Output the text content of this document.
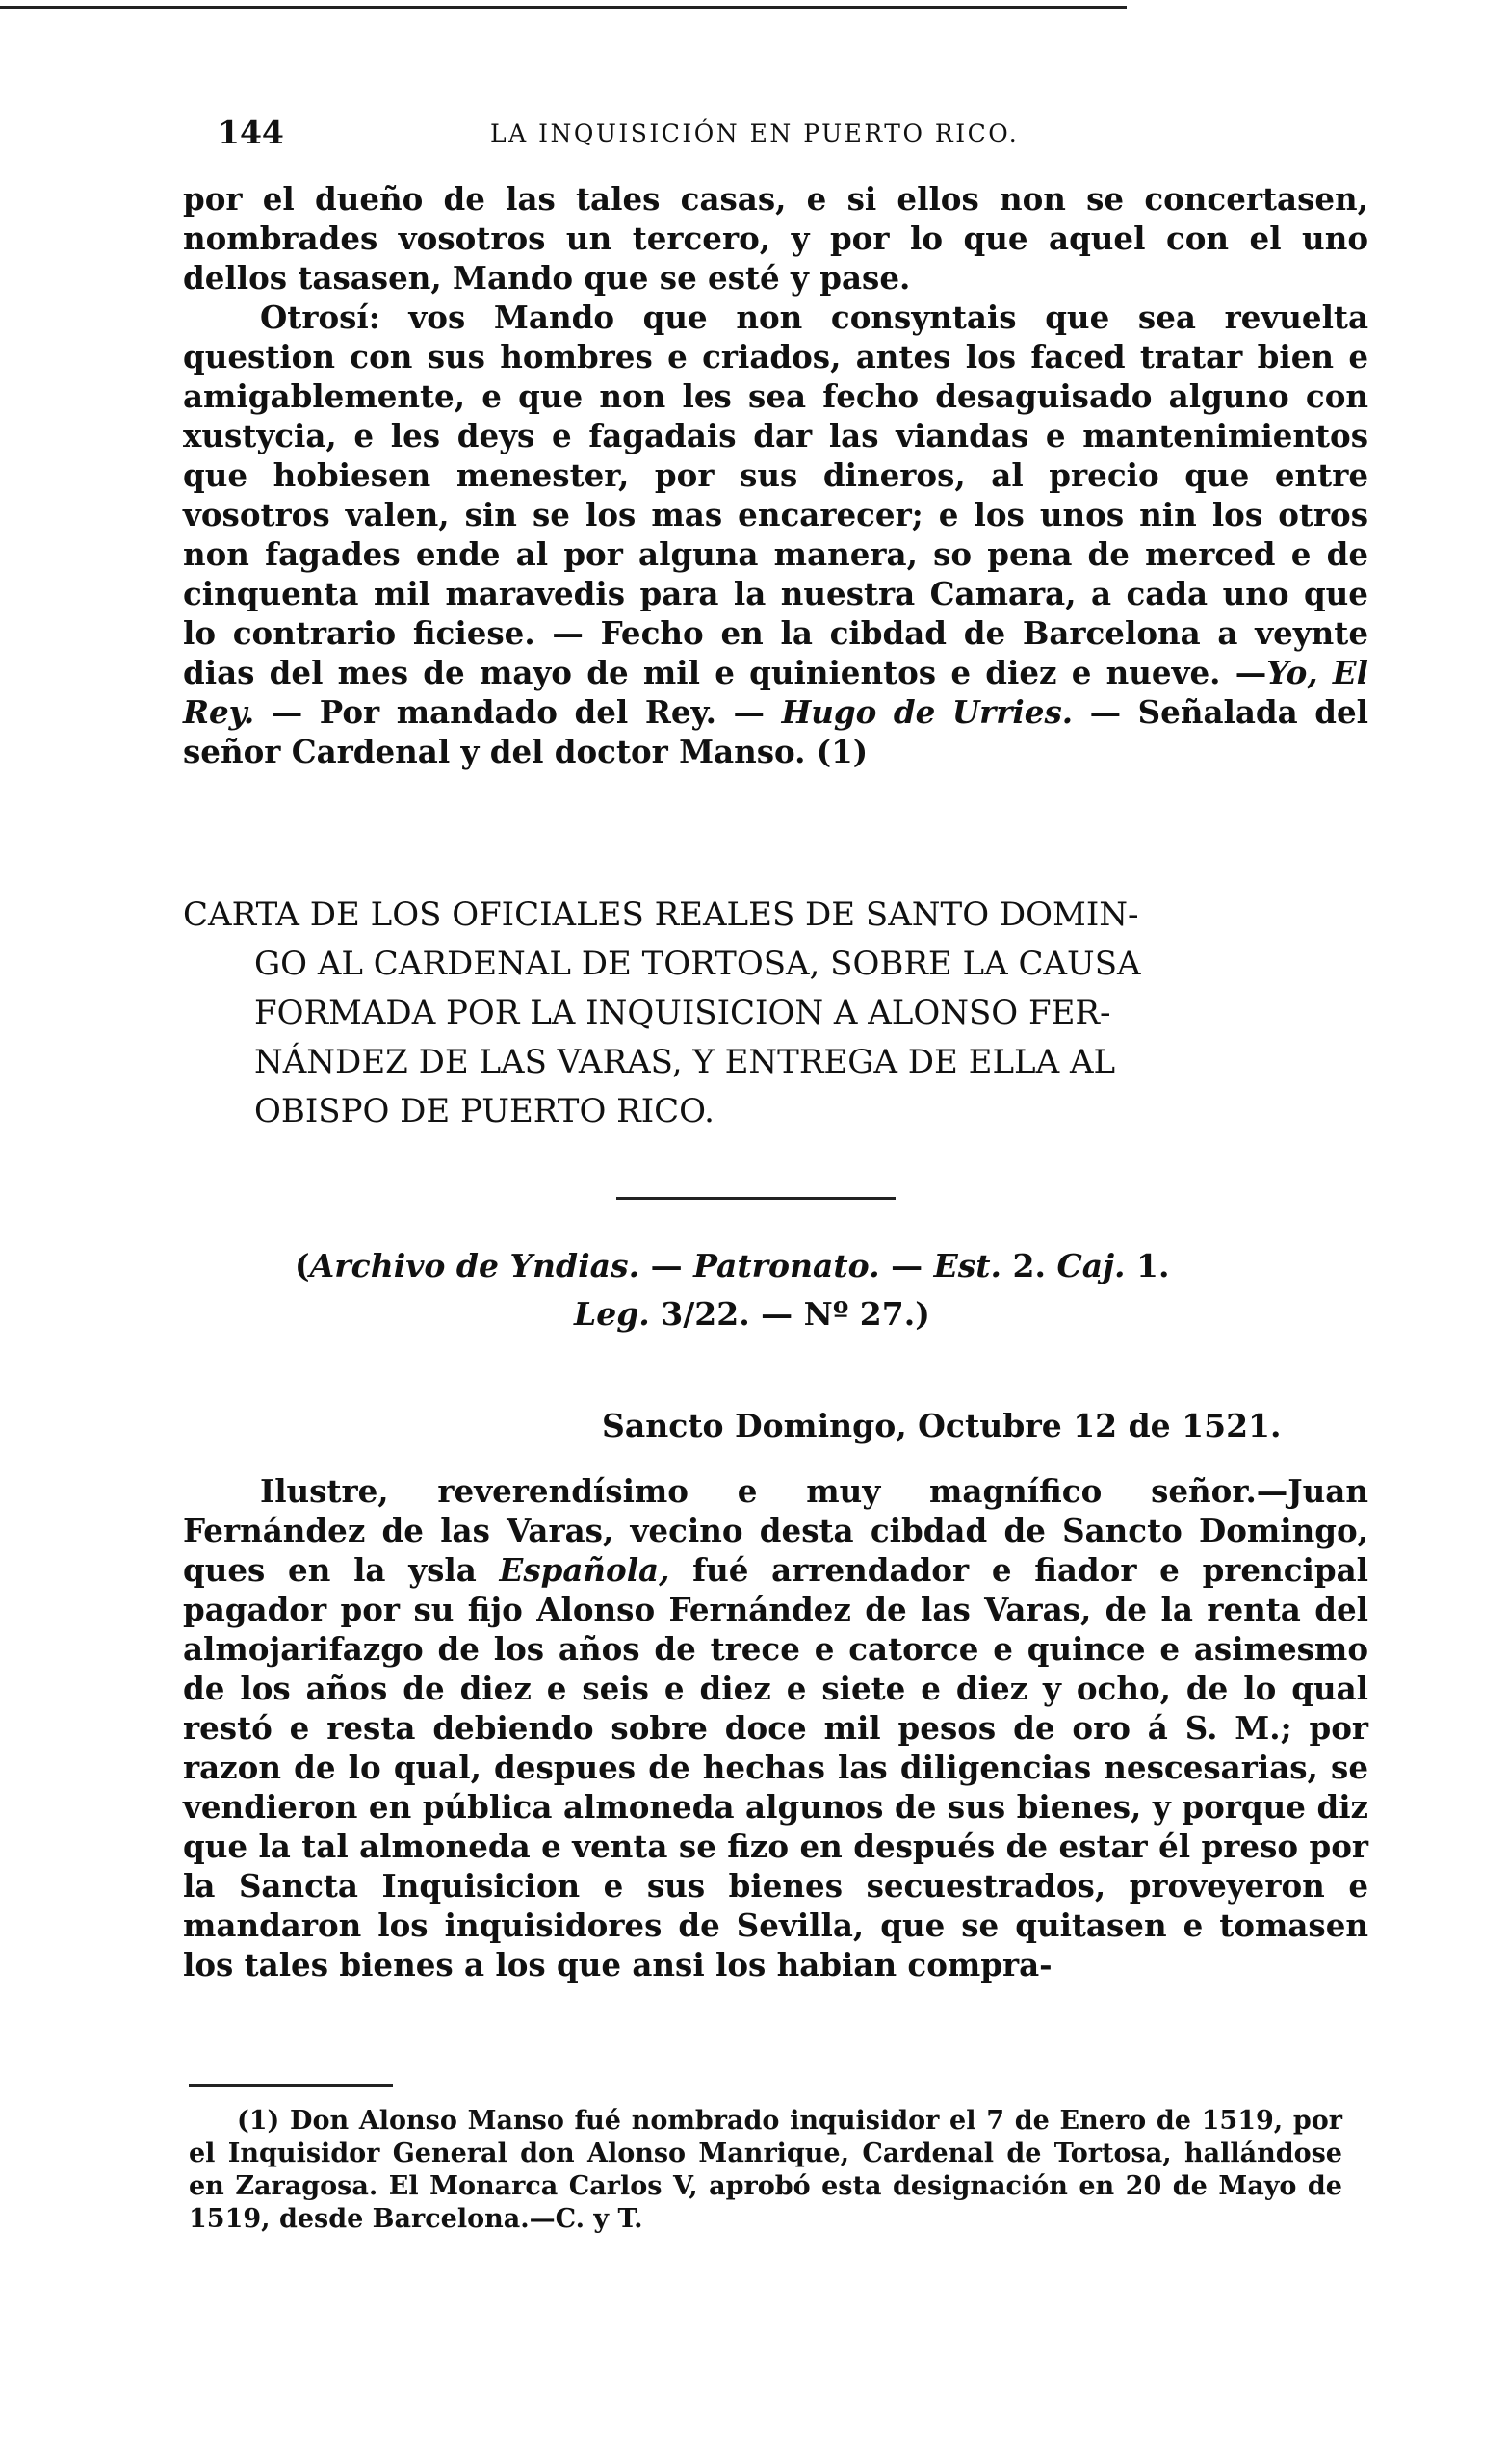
144	LA INQUISICIÓN EN PUERTO RICO.

por el dueño de las tales casas, e si ellos non se concertasen, nombrades vosotros un tercero, y por lo que aquel con el uno dellos tasasen, Mando que se esté y pase.

Otrosí: vos Mando que non consyntais que sea revuelta question con sus hombres e criados, antes los faced tratar bien e amigablemente, e que non les sea fecho desaguisado alguno con xustycia, e les deys e fagadais dar las viandas e mantenimientos que hobiesen menester, por sus dineros, al precio que entre vosotros valen, sin se los mas encarecer; e los unos nin los otros non fagades ende al por alguna manera, so pena de merced e de cinquenta mil maravedis para la nuestra Camara, a cada uno que lo contrario ficiese. — Fecho en la cibdad de Barcelona a veynte dias del mes de mayo de mil e quinientos e diez e nueve. —Yo, El Rey. — Por mandado del Rey. — Hugo de Urries. — Señalada del señor Cardenal y del doctor Manso. (1)

CARTA DE LOS OFICIALES REALES DE SANTO DOMIN-
GO AL CARDENAL DE TORTOSA, SOBRE LA CAUSA
FORMADA POR LA INQUISICION A ALONSO FER-
NÁNDEZ DE LAS VARAS, Y ENTREGA DE ELLA AL
OBISPO DE PUERTO RICO.
(Archivo de Yndias. — Patronato. — Est. 2. Caj. 1.
Leg. 3/22. — Nº 27.)
Sancto Domingo, Octubre 12 de 1521.

Ilustre, reverendísimo e muy magnífico señor.—Juan Fernández de las Varas, vecino desta cibdad de Sancto Domingo, ques en la ysla Española, fué arrendador e fiador e prencipal pagador por su fijo Alonso Fernández de las Varas, de la renta del almojarifazgo de los años de trece e catorce e quince e asimesmo de los años de diez e seis e diez e siete e diez y ocho, de lo qual restó e resta debiendo sobre doce mil pesos de oro á S. M.; por razon de lo qual, despues de hechas las diligencias nescesarias, se vendieron en pública almoneda algunos de sus bienes, y porque diz que la tal almoneda e venta se fizo en después de estar él preso por la Sancta Inquisicion e sus bienes secuestrados, proveyeron e mandaron los inquisidores de Sevilla, que se quitasen e tomasen los tales bienes a los que ansi los habian compra-

(1) Don Alonso Manso fué nombrado inquisidor el 7 de Enero de 1519, por el Inquisidor General don Alonso Manrique, Cardenal de Tortosa, hallándose en Zaragosa. El Monarca Carlos V, aprobó esta designación en 20 de Mayo de 1519, desde Barcelona.—C. y T.
